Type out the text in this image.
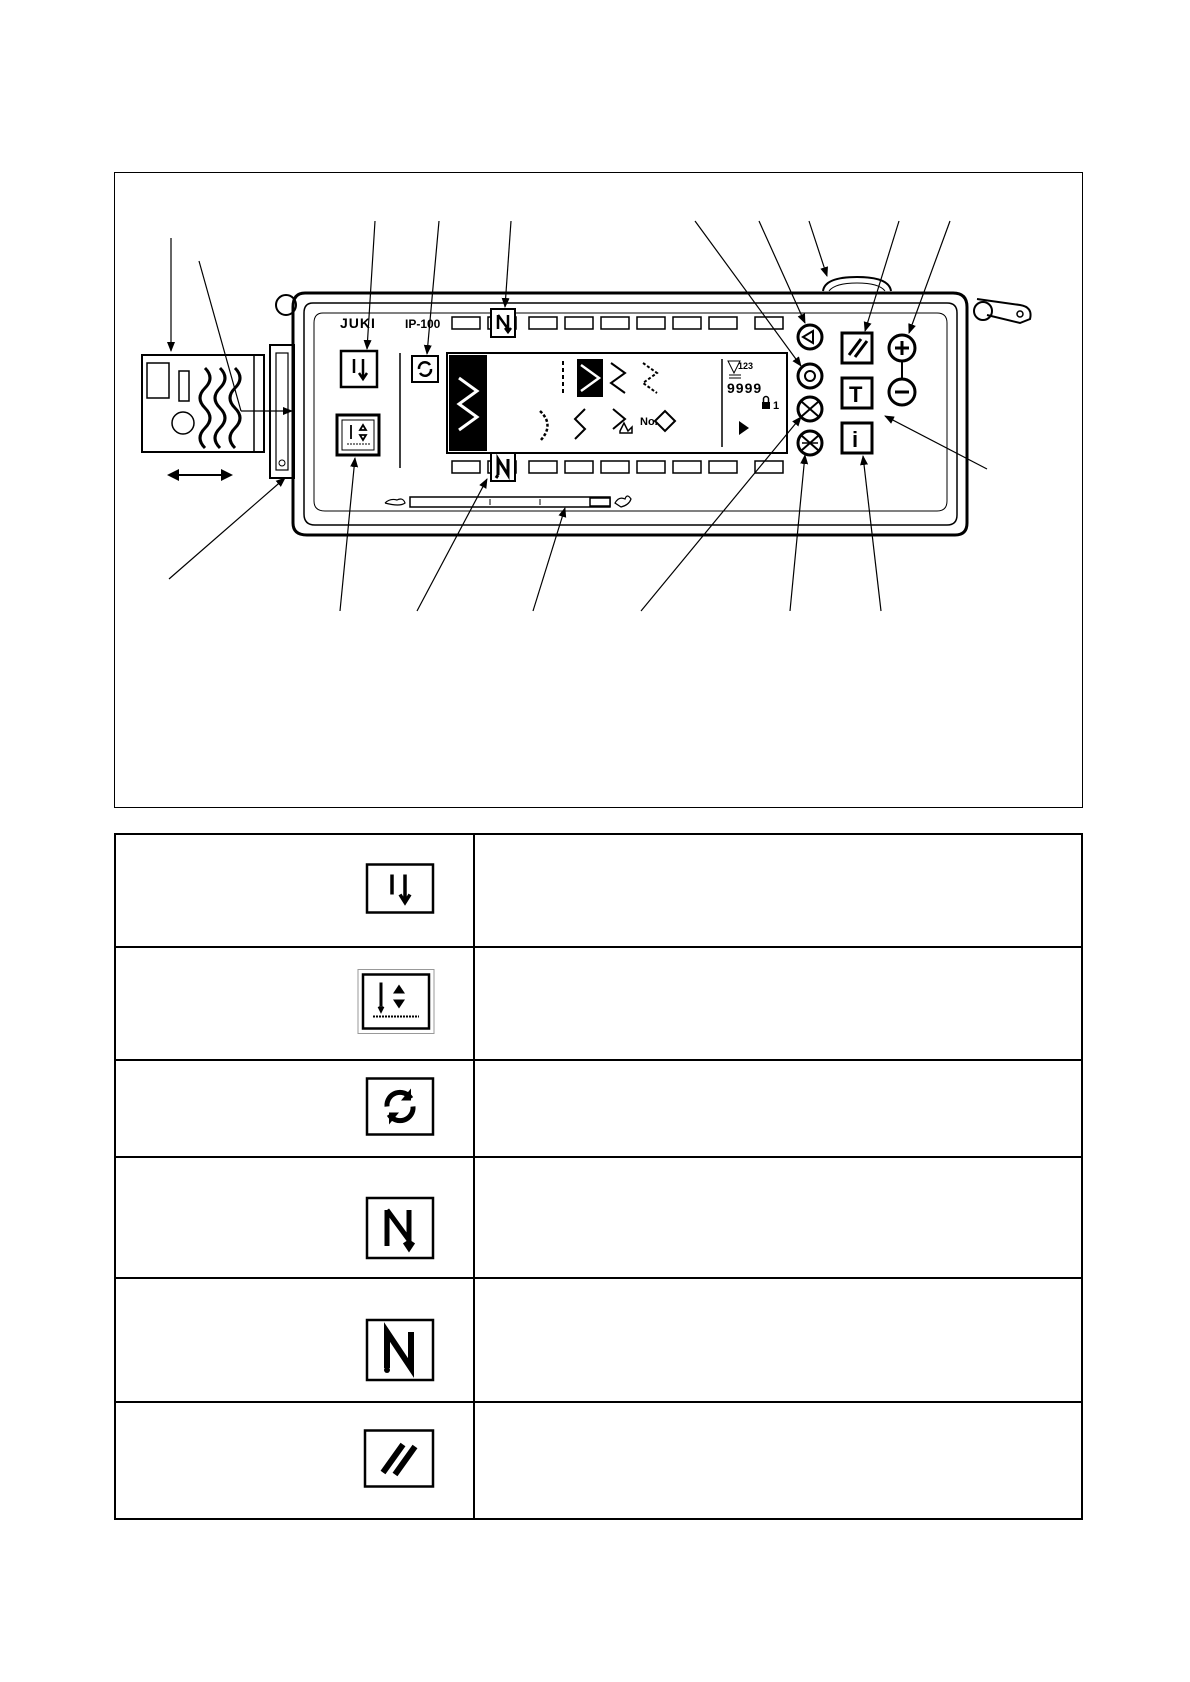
JUKI IP-100
No.
123
9999
1	T
i
